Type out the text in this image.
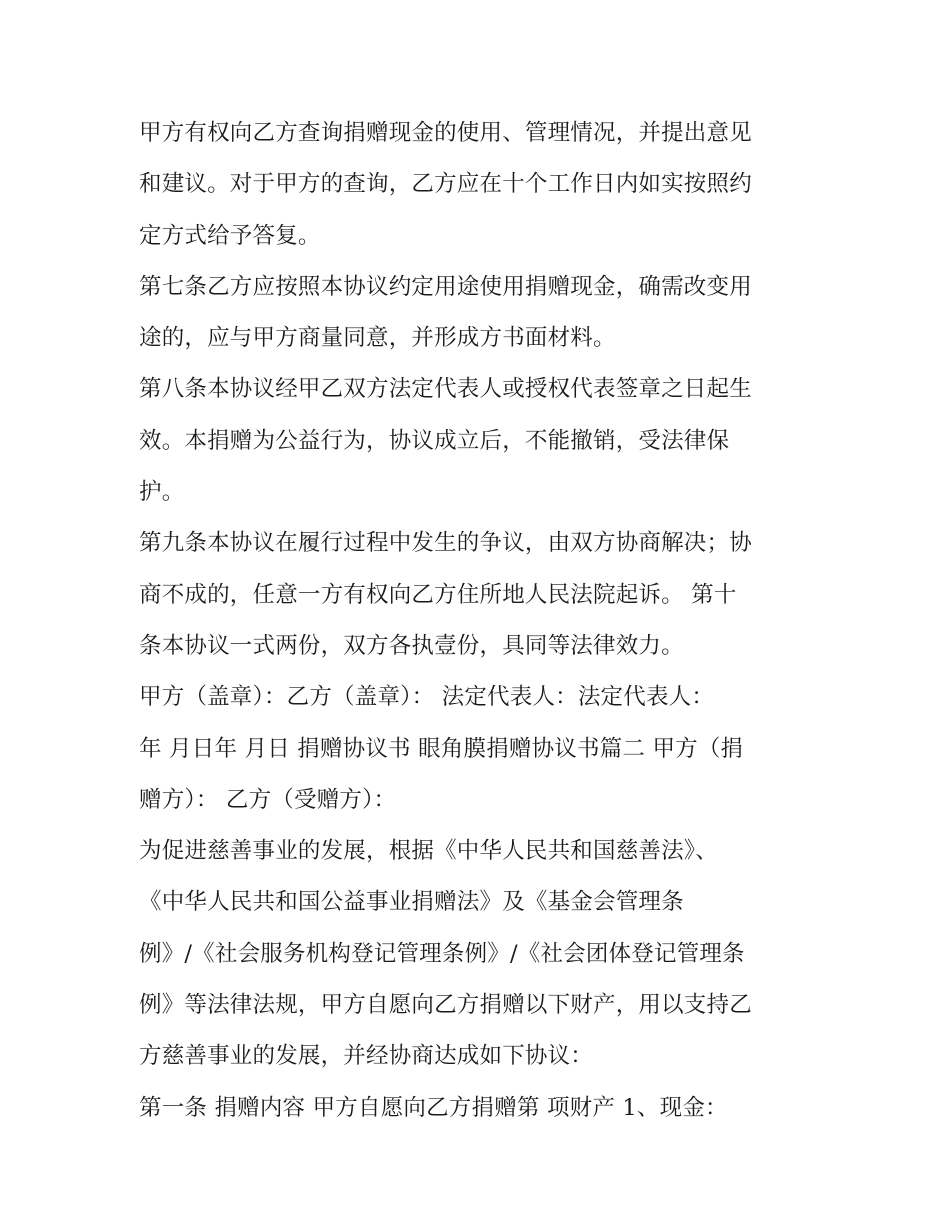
甲方有权向乙方查询捐赠现金的使用、管理情况，并提出意见
和建议。对于甲方的查询，乙方应在十个工作日内如实按照约
定方式给予答复。
第七条乙方应按照本协议约定用途使用捐赠现金，确需改变用
途的，应与甲方商量同意，并形成方书面材料。
第八条本协议经甲乙双方法定代表人或授权代表签章之日起生
效。本捐赠为公益行为，协议成立后，不能撤销，受法律保
护。
第九条本协议在履行过程中发生的争议，由双方协商解决；协
商不成的，任意一方有权向乙方住所地人民法院起诉。 第十
条本协议一式两份，双方各执壹份，具同等法律效力。
甲方（盖章）：乙方（盖章）： 法定代表人：法定代表人：
年 月日年 月日 捐赠协议书 眼角膜捐赠协议书篇二 甲方（捐
赠方）： 乙方（受赠方）：
为促进慈善事业的发展，根据《中华人民共和国慈善法》、
《中华人民共和国公益事业捐赠法》及《基金会管理条
例》/《社会服务机构登记管理条例》/《社会团体登记管理条
例》等法律法规，甲方自愿向乙方捐赠以下财产，用以支持乙
方慈善事业的发展，并经协商达成如下协议：
第一条 捐赠内容 甲方自愿向乙方捐赠第 项财产 1、现金：
